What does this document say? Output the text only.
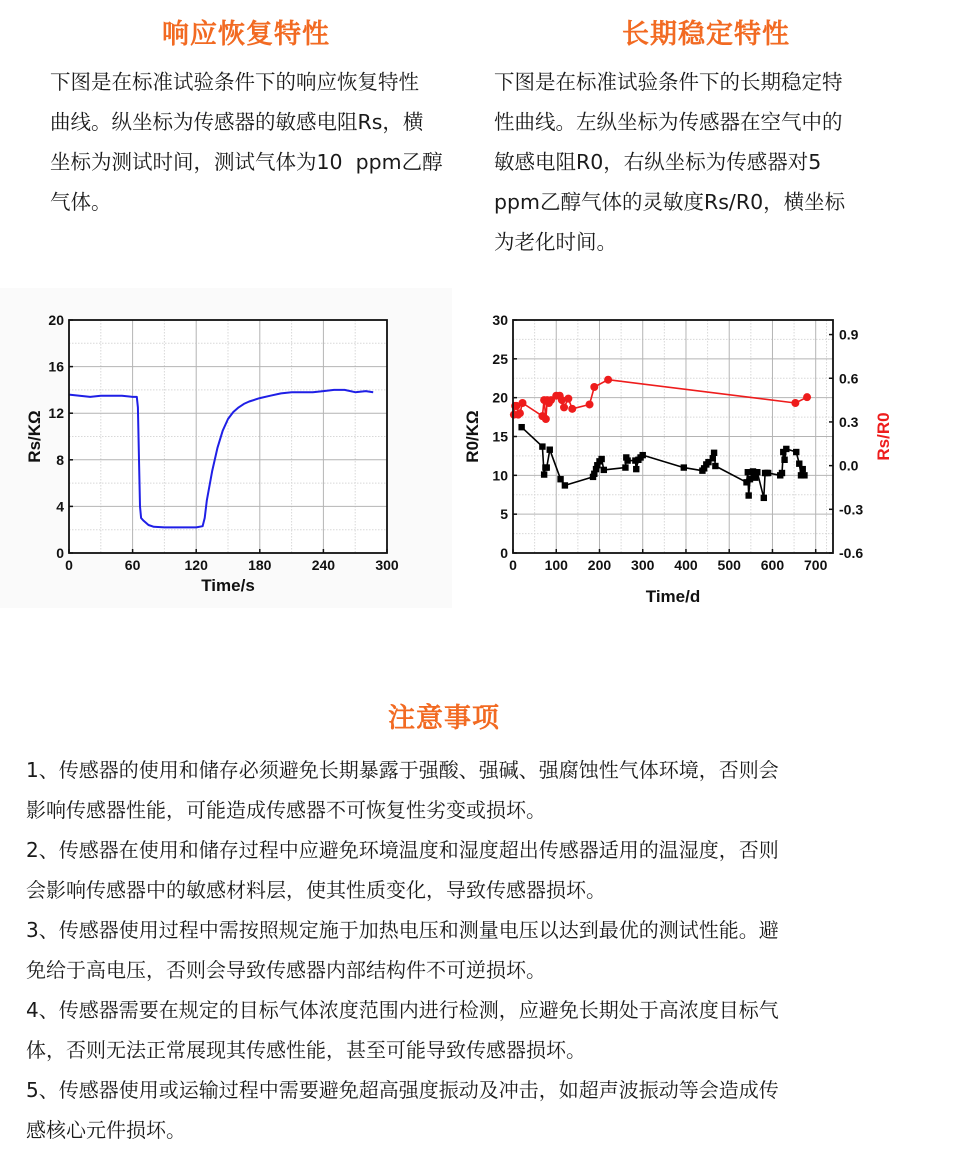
响应恢复特性	长期稳定特性
下图是在标准试验条件下的响应恢复特性
曲线。纵坐标为传感器的敏感电阻Rs，横
坐标为测试时间，测试气体为10  ppm乙醇
气体。
下图是在标准试验条件下的长期稳定特
性曲线。左纵坐标为传感器在空气中的
敏感电阻R0，右纵坐标为传感器对5
ppm乙醇气体的灵敏度Rs/R0，横坐标
为老化时间。
0	60	120	180	240	300
0
4
8
12
16
20
Time/s
Rs/KΩ
0 100 200 300 400 500 600 700
0
5
10
15
20
25
30
-0.6
-0.3
0.0
0.3
0.6
0.9
Time/d
R0/KΩ	Rs/R0
注意事项
1、传感器的使用和储存必须避免长期暴露于强酸、强碱、强腐蚀性气体环境，否则会
影响传感器性能，可能造成传感器不可恢复性劣变或损坏。
2、传感器在使用和储存过程中应避免环境温度和湿度超出传感器适用的温湿度，否则
会影响传感器中的敏感材料层，使其性质变化，导致传感器损坏。
3、传感器使用过程中需按照规定施于加热电压和测量电压以达到最优的测试性能。避
免给于高电压，否则会导致传感器内部结构件不可逆损坏。
4、传感器需要在规定的目标气体浓度范围内进行检测，应避免长期处于高浓度目标气
体，否则无法正常展现其传感性能，甚至可能导致传感器损坏。
5、传感器使用或运输过程中需要避免超高强度振动及冲击，如超声波振动等会造成传
感核心元件损坏。
